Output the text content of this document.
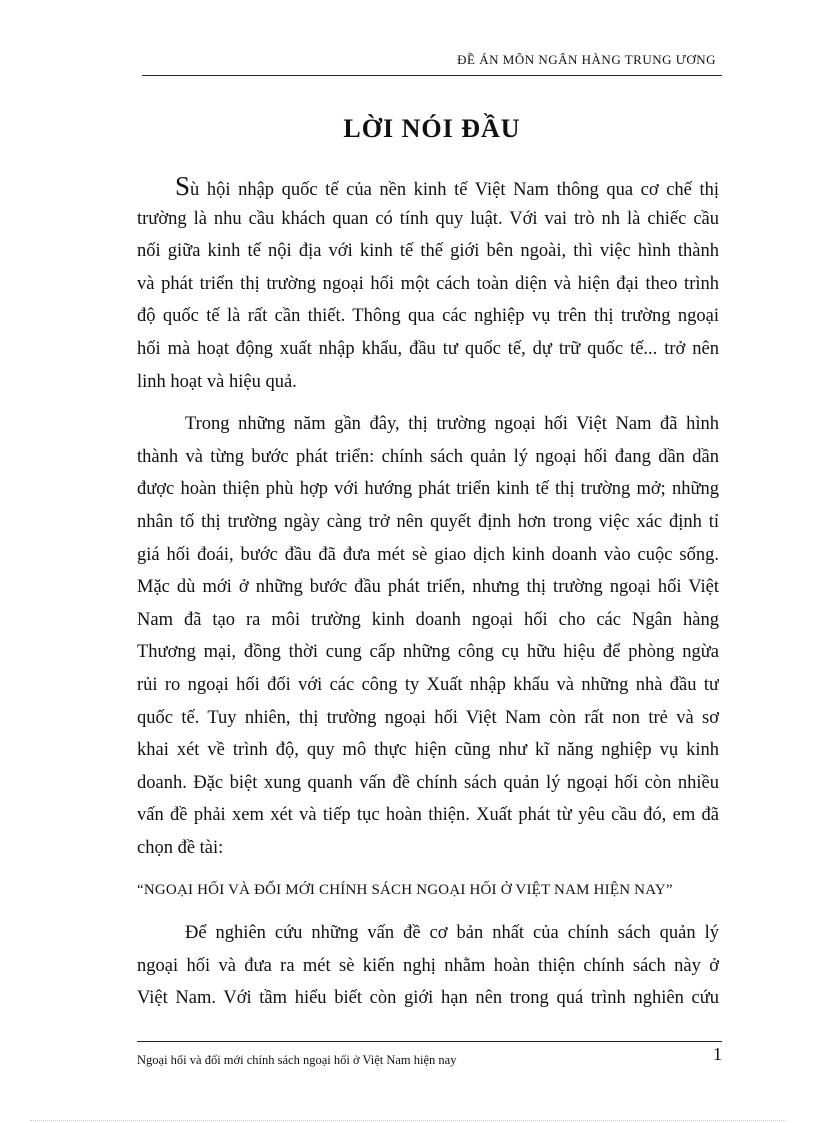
ĐỀ ÁN MÔN NGÂN HÀNG TRUNG ƯƠNG
LỜI NÓI ĐẦU
Sù hội nhập quốc tế của nền kinh tế Việt Nam thông qua cơ chế thị
trường là nhu cầu khách quan có tính quy luật. Với vai trò nh là chiếc cầu
nối giữa kinh tế nội địa với kinh tế thế giới bên ngoài, thì việc hình thành
và phát triển thị trường ngoại hối một cách toàn diện và hiện đại theo trình
độ quốc tế là rất cần thiết. Thông qua các nghiệp vụ trên thị trường ngoại
hối mà hoạt động xuất nhập khẩu, đầu tư quốc tế, dự trữ quốc tế... trở nên
linh hoạt và hiệu quả.
Trong những năm gần đây, thị trường ngoại hối Việt Nam đã hình
thành và từng bước phát triển: chính sách quản lý ngoại hối đang dần dần
được hoàn thiện phù hợp với hướng phát triển kinh tế thị trường mở; những
nhân tố thị trường ngày càng trở nên quyết định hơn trong việc xác định tỉ
giá hối đoái, bước đầu đã đưa mét sè giao dịch kinh doanh vào cuộc sống.
Mặc dù mới ở những bước đầu phát triển, nhưng thị trường ngoại hối Việt
Nam đã tạo ra môi trường kinh doanh ngoại hối cho các Ngân hàng
Thương mại, đồng thời cung cấp những công cụ hữu hiệu để phòng ngừa
rủi ro ngoại hối đối với các công ty Xuất nhập khẩu và những nhà đầu tư
quốc tế. Tuy nhiên, thị trường ngoại hối Việt Nam còn rất non trẻ và sơ
khai xét về trình độ, quy mô thực hiện cũng như kĩ năng nghiệp vụ kinh
doanh. Đặc biệt xung quanh vấn đề chính sách quản lý ngoại hối còn nhiều
vấn đề phải xem xét và tiếp tục hoàn thiện. Xuất phát từ yêu cầu đó, em đã
chọn đề tài:
“NGOẠI HỐI VÀ ĐỔI MỚI CHÍNH SÁCH NGOẠI HỐI Ở VIỆT NAM HIỆN NAY”
Để nghiên cứu những vấn đề cơ bản nhất của chính sách quản lý
ngoại hối và đưa ra mét sè kiến nghị nhằm hoàn thiện chính sách này ở
Việt Nam. Với tầm hiểu biết còn giới hạn nên trong quá trình nghiên cứu
Ngoại hối và đổi mới chính sách ngoại hối ở Việt Nam hiện nay	1
